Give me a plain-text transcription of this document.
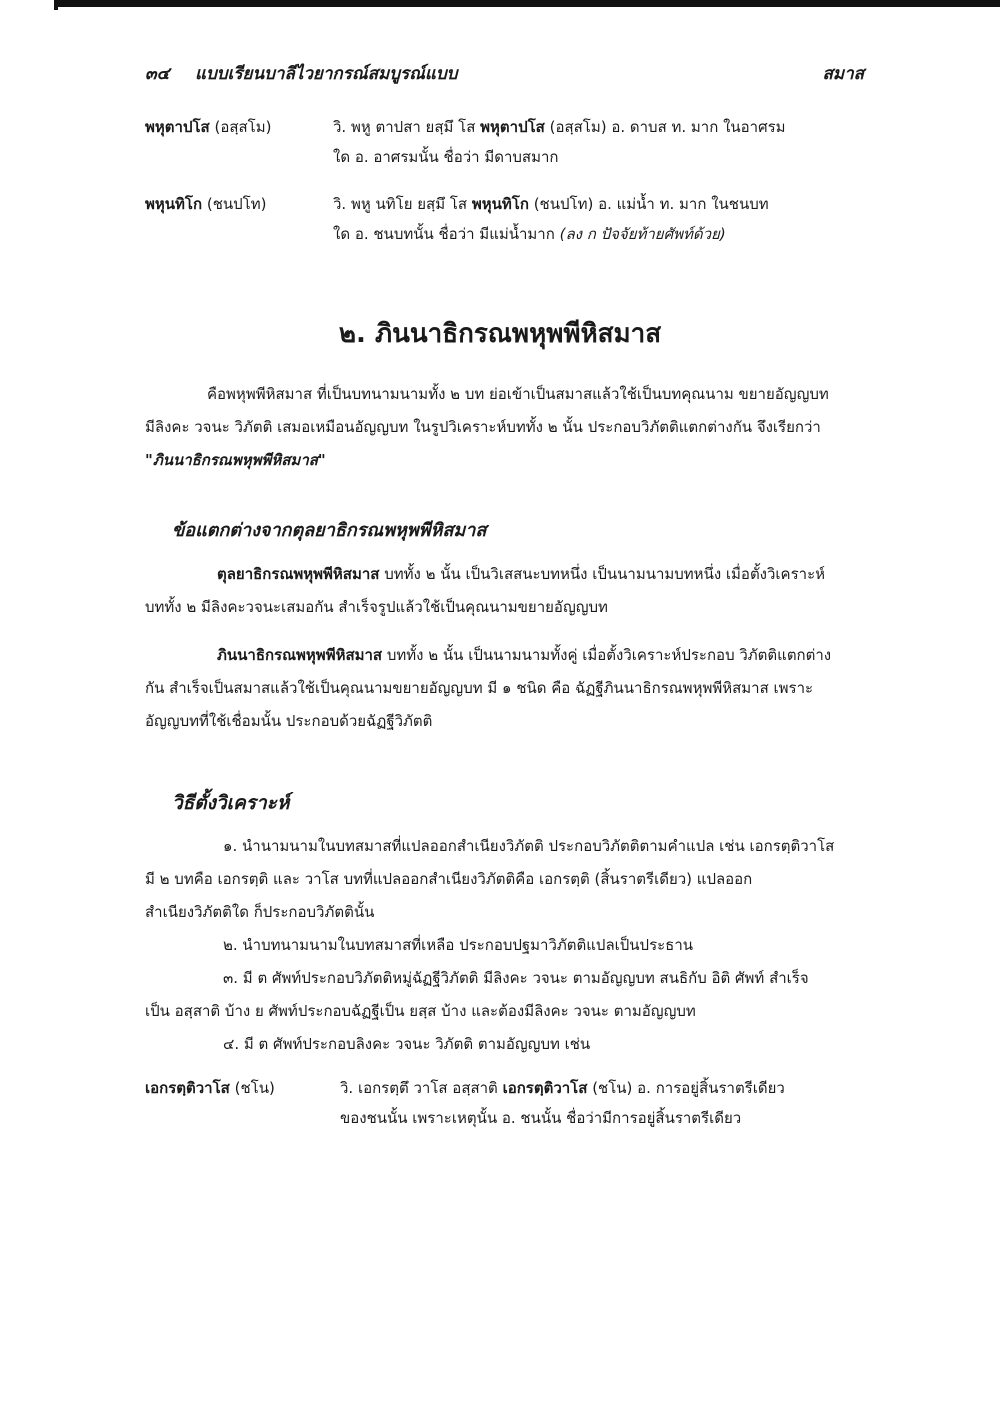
๓๔ แบบเรียนบาลีไวยากรณ์สมบูรณ์แบบ	สมาส
พหุตาปโส (อสฺสโม)	วิ. พหู ตาปสา ยสฺมึ โส พหุตาปโส (อสฺสโม) อ. ดาบส ท. มาก ในอาศรม
ใด อ. อาศรมนั้น ชื่อว่า มีดาบสมาก
พหุนทิโก (ชนปโท)	วิ. พหู นทิโย ยสฺมึ โส พหุนทิโก (ชนปโท) อ. แม่น้ำ ท. มาก ในชนบท
ใด อ. ชนบทนั้น ชื่อว่า มีแม่น้ำมาก (ลง ก ปัจจัยท้ายศัพท์ด้วย)
๒. ภินนาธิกรณพหุพพีหิสมาส
คือพหุพพีหิสมาส ที่เป็นบทนามนามทั้ง ๒ บท ย่อเข้าเป็นสมาสแล้วใช้เป็นบทคุณนาม ขยายอัญญบท
มีลิงคะ วจนะ วิภัตติ เสมอเหมือนอัญญบท ในรูปวิเคราะห์บททั้ง ๒ นั้น ประกอบวิภัตติแตกต่างกัน จึงเรียกว่า
"ภินนาธิกรณพหุพพีหิสมาส"
ข้อแตกต่างจากตุลยาธิกรณพหุพพีหิสมาส
ตุลยาธิกรณพหุพพีหิสมาส บททั้ง ๒ นั้น เป็นวิเสสนะบทหนึ่ง เป็นนามนามบทหนึ่ง เมื่อตั้งวิเคราะห์
บททั้ง ๒ มีลิงคะวจนะเสมอกัน สำเร็จรูปแล้วใช้เป็นคุณนามขยายอัญญบท
ภินนาธิกรณพหุพพีหิสมาส บททั้ง ๒ นั้น เป็นนามนามทั้งคู่ เมื่อตั้งวิเคราะห์ประกอบ วิภัตติแตกต่าง
กัน สำเร็จเป็นสมาสแล้วใช้เป็นคุณนามขยายอัญญบท มี ๑ ชนิด คือ ฉัฏฐีภินนาธิกรณพหุพพีหิสมาส เพราะ
อัญญบทที่ใช้เชื่อมนั้น ประกอบด้วยฉัฏฐีวิภัตติ
วิธีตั้งวิเคราะห์
๑. นำนามนามในบทสมาสที่แปลออกสำเนียงวิภัตติ ประกอบวิภัตติตามคำแปล เช่น เอกรตฺติวาโส
มี ๒ บทคือ เอกรตฺติ และ วาโส บทที่แปลออกสำเนียงวิภัตติคือ เอกรตฺติ (สิ้นราตรีเดียว) แปลออก
สำเนียงวิภัตติใด ก็ประกอบวิภัตตินั้น
๒. นำบทนามนามในบทสมาสที่เหลือ ประกอบปฐมาวิภัตติแปลเป็นประธาน
๓. มี ต ศัพท์ประกอบวิภัตติหมู่ฉัฏฐีวิภัตติ มีลิงคะ วจนะ ตามอัญญบท สนธิกับ อิติ ศัพท์ สำเร็จ
เป็น อสฺสาติ บ้าง ย ศัพท์ประกอบฉัฏฐีเป็น ยสฺส บ้าง และต้องมีลิงคะ วจนะ ตามอัญญบท
๔. มี ต ศัพท์ประกอบลิงคะ วจนะ วิภัตติ ตามอัญญบท เช่น
เอกรตฺติวาโส (ชโน)	วิ. เอกรตฺตึ วาโส อสฺสาติ เอกรตฺติวาโส (ชโน) อ. การอยู่สิ้นราตรีเดียว
ของชนนั้น เพราะเหตุนั้น อ. ชนนั้น ชื่อว่ามีการอยู่สิ้นราตรีเดียว
